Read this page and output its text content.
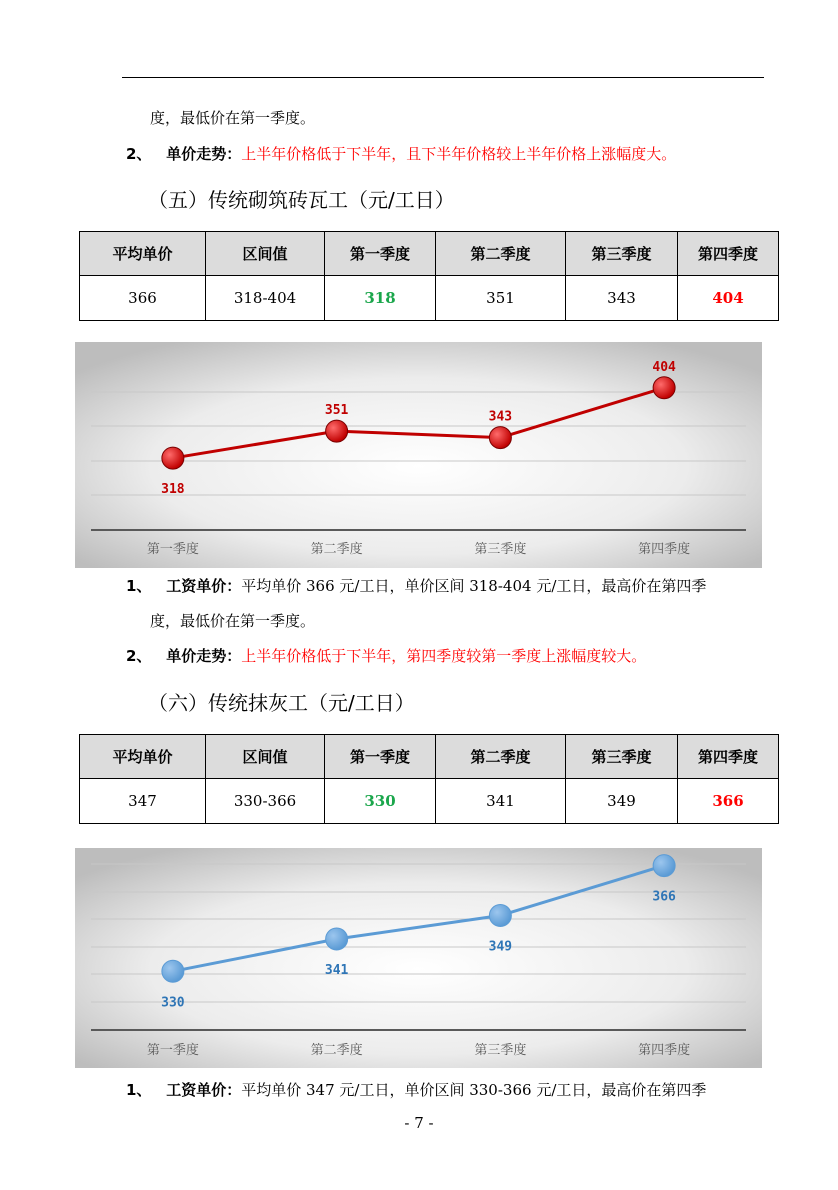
度，最低价在第一季度。
2、 单价走势：上半年价格低于下半年，且下半年价格较上半年价格上涨幅度大。
（五）传统砌筑砖瓦工（元/工日）
平均单价	区间值	第一季度	第二季度	第三季度	第四季度
366	318-404	318	351	343	404
318
351	343
404
第一季度	第二季度	第三季度	第四季度
1、 工资单价：平均单价 366 元/工日，单价区间 318-404 元/工日，最高价在第四季
度，最低价在第一季度。
2、 单价走势：上半年价格低于下半年，第四季度较第一季度上涨幅度较大。
（六）传统抹灰工（元/工日）
平均单价	区间值	第一季度	第二季度	第三季度	第四季度
347	330-366	330	341	349	366
330
341
349
366
第一季度	第二季度	第三季度	第四季度
1、 工资单价：平均单价 347 元/工日，单价区间 330-366 元/工日，最高价在第四季
- 7 -
